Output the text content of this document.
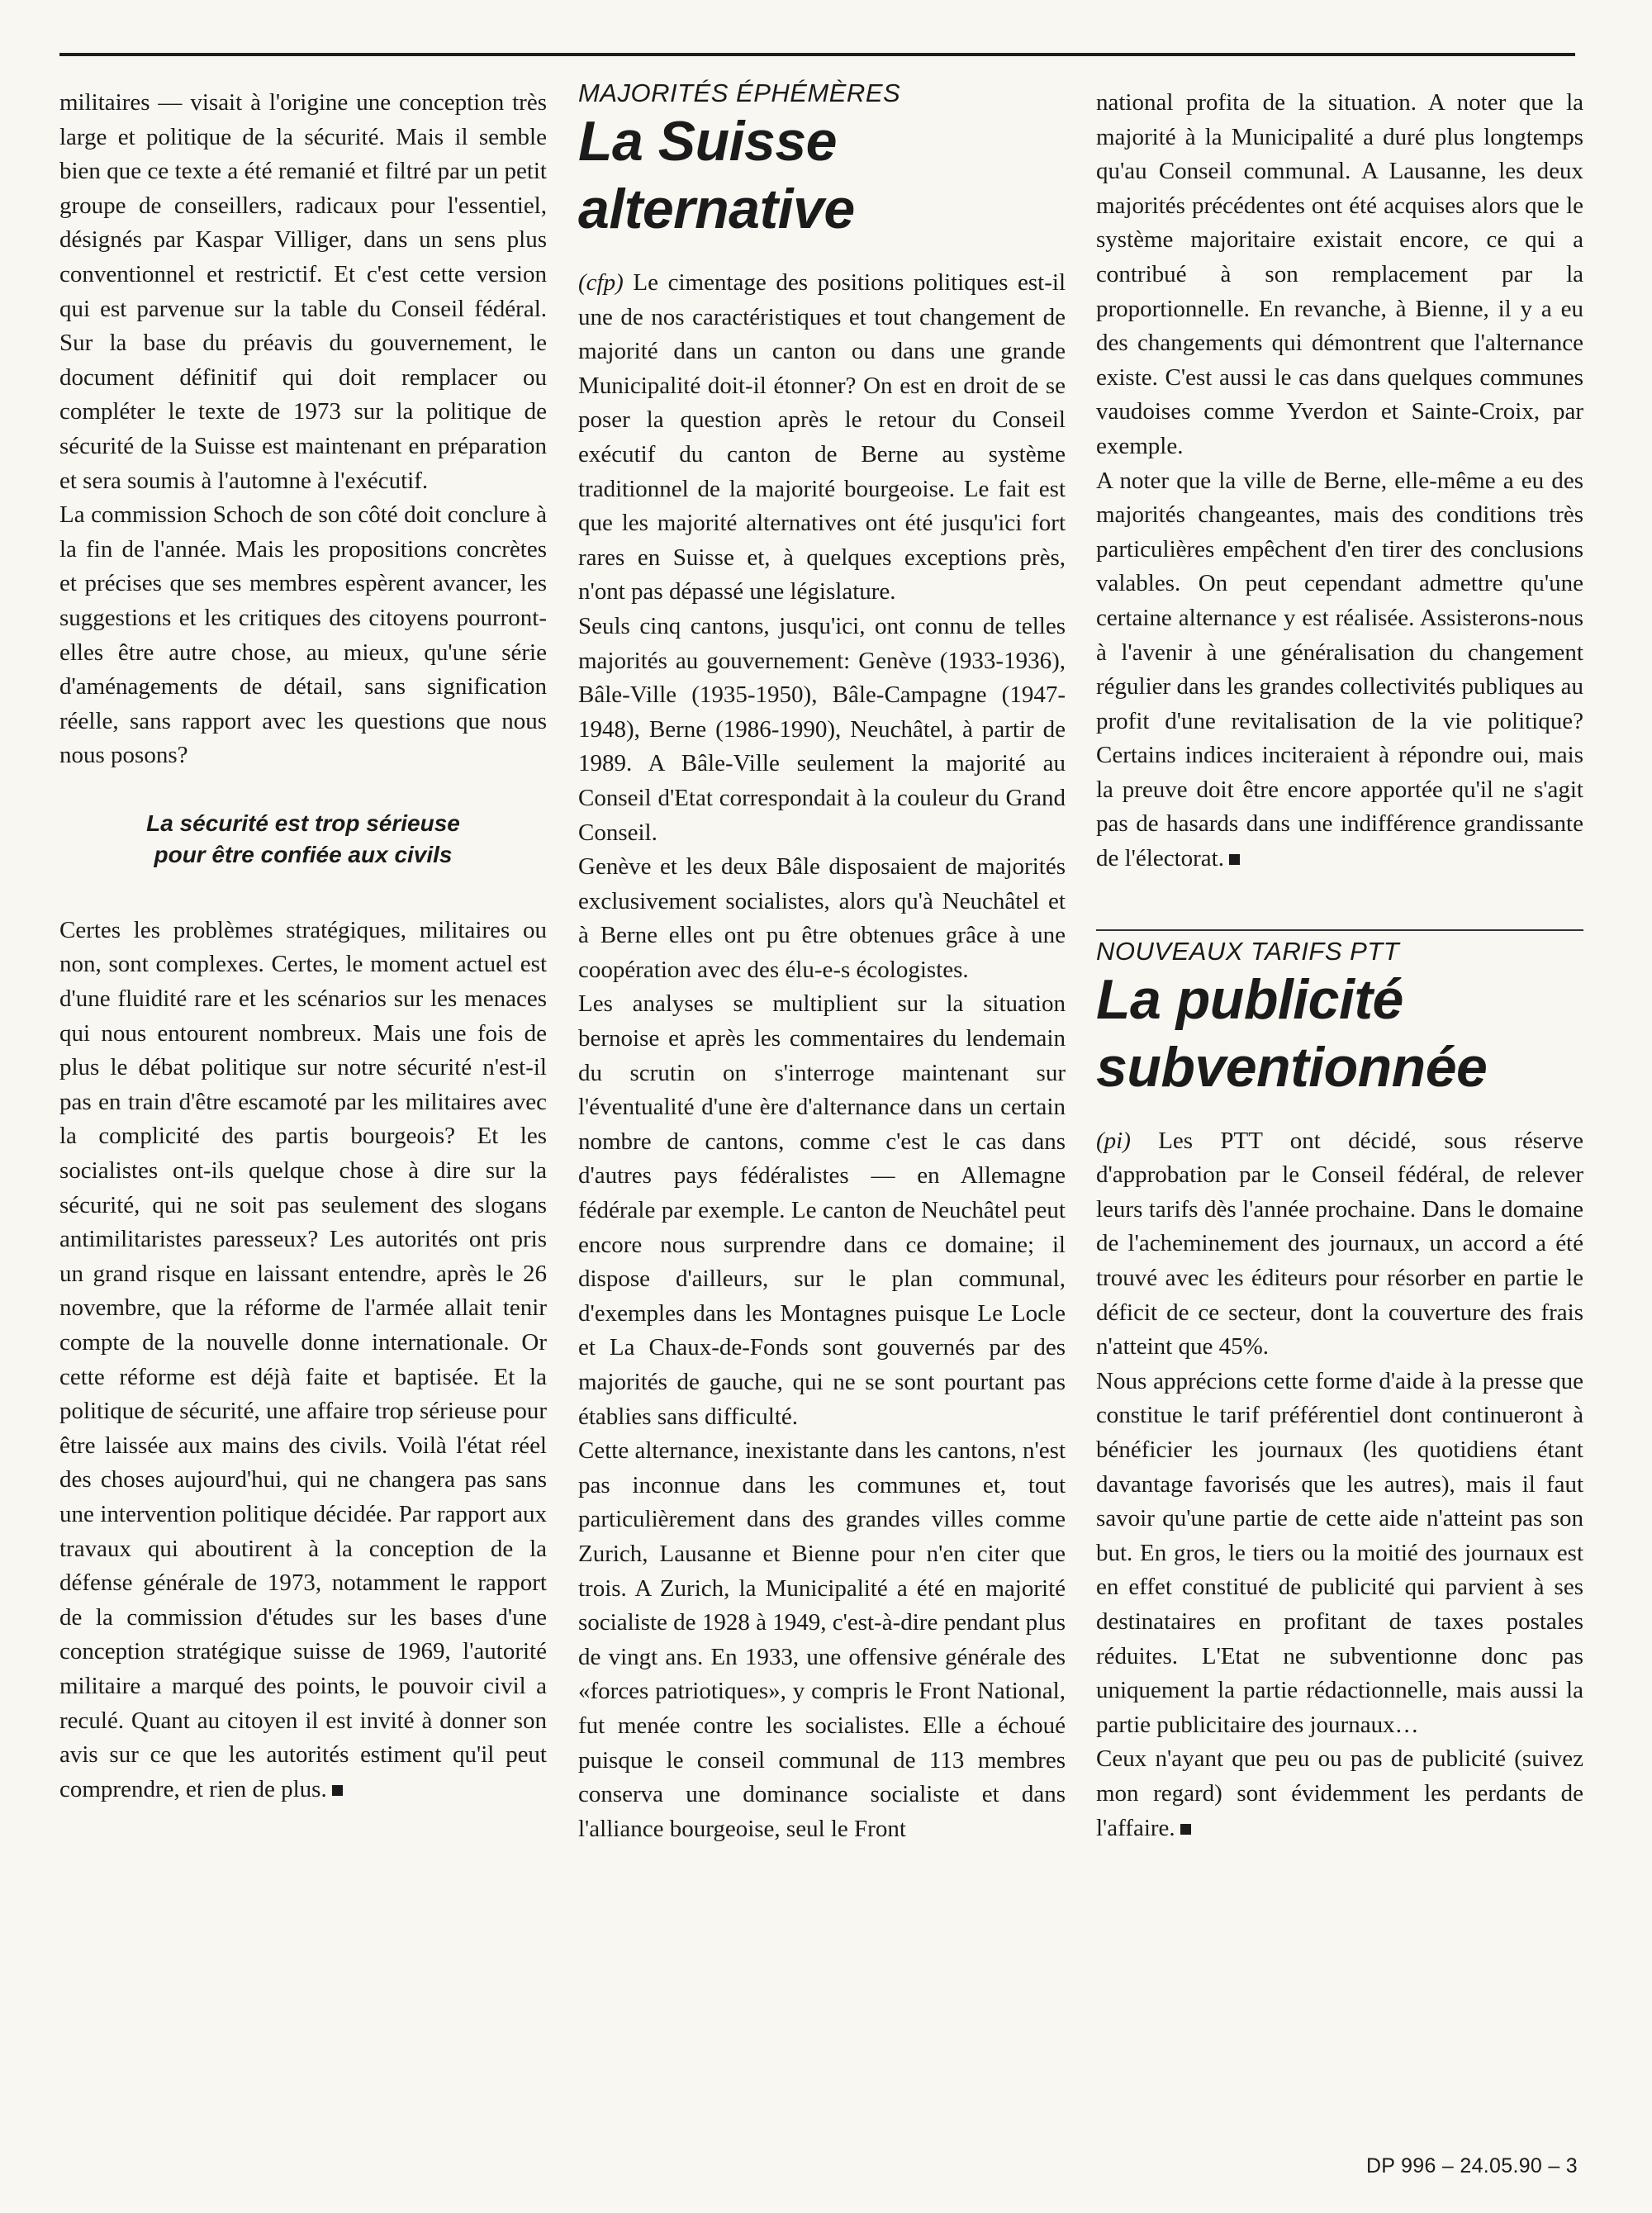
militaires — visait à l'origine une conception très large et politique de la sécurité. Mais il semble bien que ce texte a été remanié et filtré par un petit groupe de conseillers, radicaux pour l'essentiel, désignés par Kaspar Villiger, dans un sens plus conventionnel et restrictif. Et c'est cette version qui est parvenue sur la table du Conseil fédéral. Sur la base du préavis du gouvernement, le document définitif qui doit remplacer ou compléter le texte de 1973 sur la politique de sécurité de la Suisse est maintenant en préparation et sera soumis à l'automne à l'exécutif.

La commission Schoch de son côté doit conclure à la fin de l'année. Mais les propositions concrètes et précises que ses membres espèrent avancer, les suggestions et les critiques des citoyens pourront-elles être autre chose, au mieux, qu'une série d'aménagements de détail, sans signification réelle, sans rapport avec les questions que nous nous posons?

La sécurité est trop sérieuse
pour être confiée aux civils

Certes les problèmes stratégiques, militaires ou non, sont complexes. Certes, le moment actuel est d'une fluidité rare et les scénarios sur les menaces qui nous entourent nombreux. Mais une fois de plus le débat politique sur notre sécurité n'est-il pas en train d'être escamoté par les militaires avec la complicité des partis bourgeois? Et les socialistes ont-ils quelque chose à dire sur la sécurité, qui ne soit pas seulement des slogans antimilitaristes paresseux? Les autorités ont pris un grand risque en laissant entendre, après le 26 novembre, que la réforme de l'armée allait tenir compte de la nouvelle donne internationale. Or cette réforme est déjà faite et baptisée. Et la politique de sécurité, une affaire trop sérieuse pour être laissée aux mains des civils. Voilà l'état réel des choses aujourd'hui, qui ne changera pas sans une intervention politique décidée. Par rapport aux travaux qui aboutirent à la conception de la défense générale de 1973, notamment le rapport de la commission d'études sur les bases d'une conception stratégique suisse de 1969, l'autorité militaire a marqué des points, le pouvoir civil a reculé. Quant au citoyen il est invité à donner son avis sur ce que les autorités estiment qu'il peut comprendre, et rien de plus.

MAJORITÉS ÉPHÉMÈRES
La Suisse
alternative

(cfp) Le cimentage des positions politiques est-il une de nos caractéristiques et tout changement de majorité dans un canton ou dans une grande Municipalité doit-il étonner? On est en droit de se poser la question après le retour du Conseil exécutif du canton de Berne au système traditionnel de la majorité bourgeoise. Le fait est que les majorité alternatives ont été jusqu'ici fort rares en Suisse et, à quelques exceptions près, n'ont pas dépassé une législature.

Seuls cinq cantons, jusqu'ici, ont connu de telles majorités au gouvernement: Genève (1933-1936), Bâle-Ville (1935-1950), Bâle-Campagne (1947-1948), Berne (1986-1990), Neuchâtel, à partir de 1989. A Bâle-Ville seulement la majorité au Conseil d'Etat correspondait à la couleur du Grand Conseil.

Genève et les deux Bâle disposaient de majorités exclusivement socialistes, alors qu'à Neuchâtel et à Berne elles ont pu être obtenues grâce à une coopération avec des élu-e-s écologistes.

Les analyses se multiplient sur la situation bernoise et après les commentaires du lendemain du scrutin on s'interroge maintenant sur l'éventualité d'une ère d'alternance dans un certain nombre de cantons, comme c'est le cas dans d'autres pays fédéralistes — en Allemagne fédérale par exemple. Le canton de Neuchâtel peut encore nous surprendre dans ce domaine; il dispose d'ailleurs, sur le plan communal, d'exemples dans les Montagnes puisque Le Locle et La Chaux-de-Fonds sont gouvernés par des majorités de gauche, qui ne se sont pourtant pas établies sans difficulté.

Cette alternance, inexistante dans les cantons, n'est pas inconnue dans les communes et, tout particulièrement dans des grandes villes comme Zurich, Lausanne et Bienne pour n'en citer que trois. A Zurich, la Municipalité a été en majorité socialiste de 1928 à 1949, c'est-à-dire pendant plus de vingt ans. En 1933, une offensive générale des «forces patriotiques», y compris le Front National, fut menée contre les socialistes. Elle a échoué puisque le conseil communal de 113 membres conserva une dominance socialiste et dans l'alliance bourgeoise, seul le Front

national profita de la situation. A noter que la majorité à la Municipalité a duré plus longtemps qu'au Conseil communal. A Lausanne, les deux majorités précédentes ont été acquises alors que le système majoritaire existait encore, ce qui a contribué à son remplacement par la proportionnelle. En revanche, à Bienne, il y a eu des changements qui démontrent que l'alternance existe. C'est aussi le cas dans quelques communes vaudoises comme Yverdon et Sainte-Croix, par exemple.

A noter que la ville de Berne, elle-même a eu des majorités changeantes, mais des conditions très particulières empêchent d'en tirer des conclusions valables. On peut cependant admettre qu'une certaine alternance y est réalisée. Assisterons-nous à l'avenir à une généralisation du changement régulier dans les grandes collectivités publiques au profit d'une revitalisation de la vie politique? Certains indices inciteraient à répondre oui, mais la preuve doit être encore apportée qu'il ne s'agit pas de hasards dans une indifférence grandissante de l'électorat.

NOUVEAUX TARIFS PTT
La publicité
subventionnée

(pi) Les PTT ont décidé, sous réserve d'approbation par le Conseil fédéral, de relever leurs tarifs dès l'année prochaine. Dans le domaine de l'acheminement des journaux, un accord a été trouvé avec les éditeurs pour résorber en partie le déficit de ce secteur, dont la couverture des frais n'atteint que 45%.

Nous apprécions cette forme d'aide à la presse que constitue le tarif préférentiel dont continueront à bénéficier les journaux (les quotidiens étant davantage favorisés que les autres), mais il faut savoir qu'une partie de cette aide n'atteint pas son but. En gros, le tiers ou la moitié des journaux est en effet constitué de publicité qui parvient à ses destinataires en profitant de taxes postales réduites. L'Etat ne subventionne donc pas uniquement la partie rédactionnelle, mais aussi la partie publicitaire des journaux…

Ceux n'ayant que peu ou pas de publicité (suivez mon regard) sont évidemment les perdants de l'affaire.

DP 996 – 24.05.90 – 3
